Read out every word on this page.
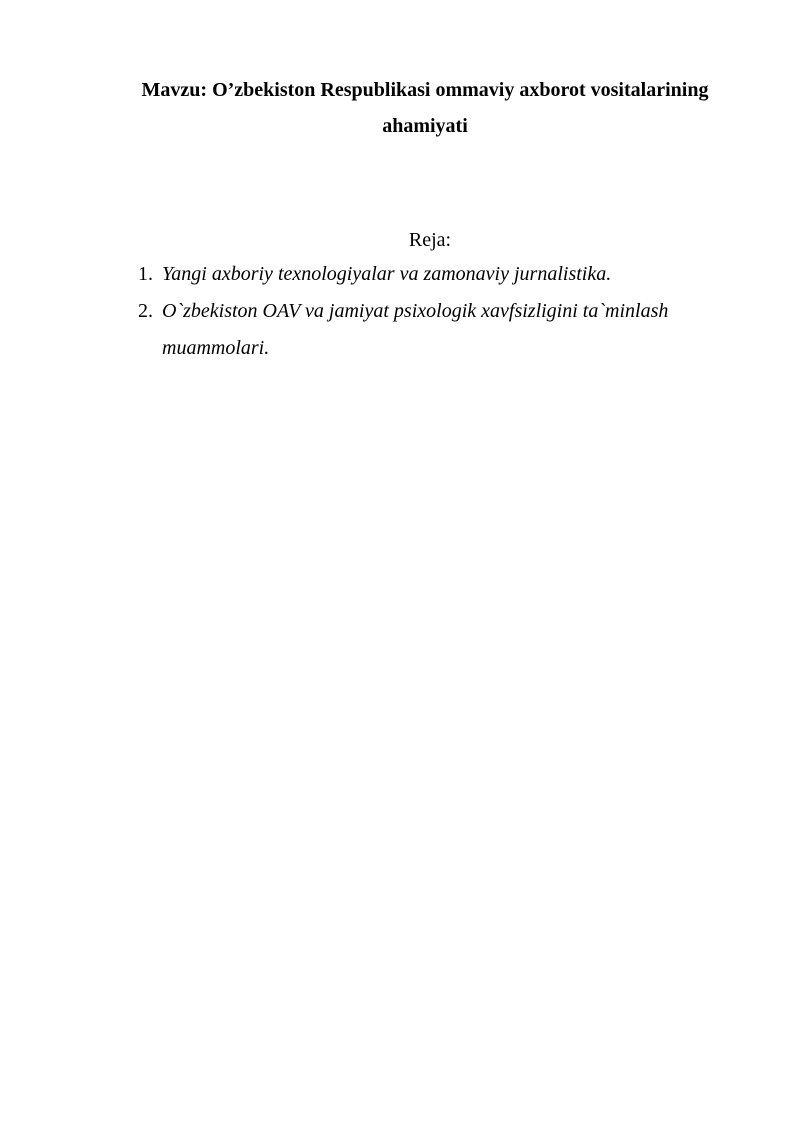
Mavzu: O’zbekiston Respublikasi ommaviy axborot vositalarining ahamiyati

Reja:

1. Yangi axboriy texnologiyalar va zamonaviy jurnalistika.
2. O`zbekiston OAV va jamiyat psixologik xavfsizligini ta`minlash muammolari.
